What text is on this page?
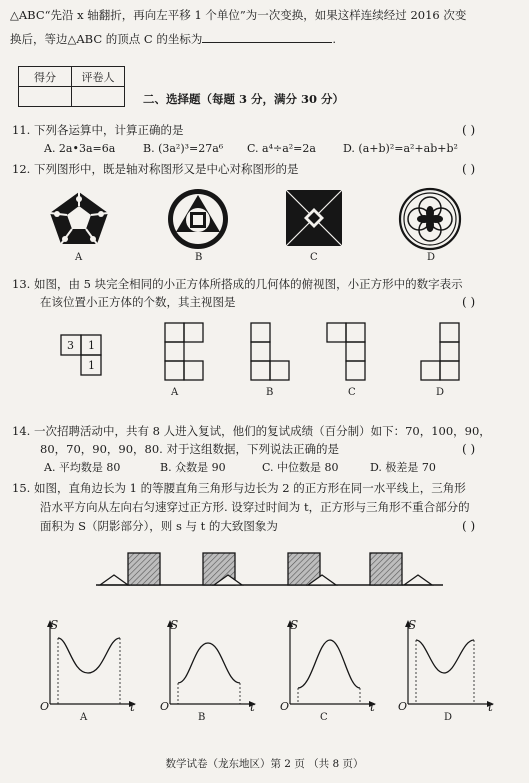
△ABC“先沿 x 轴翻折，再向左平移 1 个单位”为一次变换，如果这样连续经过 2016 次变
换后，等边△ABC 的顶点 C 的坐标为	.
得分	评卷人

二、选择题（每题 3 分，满分 30 分）
11. 下列各运算中，计算正确的是	( )
A. 2a•3a=6a	B. (3a²)³=27a⁶ C. a⁴÷a²=2a D. (a+b)²=a²+ab+b²
12. 下列图形中，既是轴对称图形又是中心对称图形的是	( )
A	B	C	D
13. 如图，由 5 块完全相同的小正方体所搭成的几何体的俯视图，小正方形中的数字表示
在该位置小正方体的个数，其主视图是	( )
3 1
1
A	B	C	D
14. 一次招聘活动中，共有 8 人进入复试，他们的复试成绩（百分制）如下：70，100，90，
80，70，90，90，80. 对于这组数据，下列说法正确的是	( )
A. 平均数是 80	B. 众数是 90	C. 中位数是 80	D. 极差是 70
15. 如图，直角边长为 1 的等腰直角三角形与边长为 2 的正方形在同一水平线上，三角形
沿水平方向从左向右匀速穿过正方形. 设穿过时间为 t，正方形与三角形不重合部分的
面积为 S（阴影部分），则 s 与 t 的大致图象为	( )
S
t
O
A
S
t
O
B
S
t
O
C
S
t
O
D
数学试卷（龙东地区）第 2 页 （共 8 页）
